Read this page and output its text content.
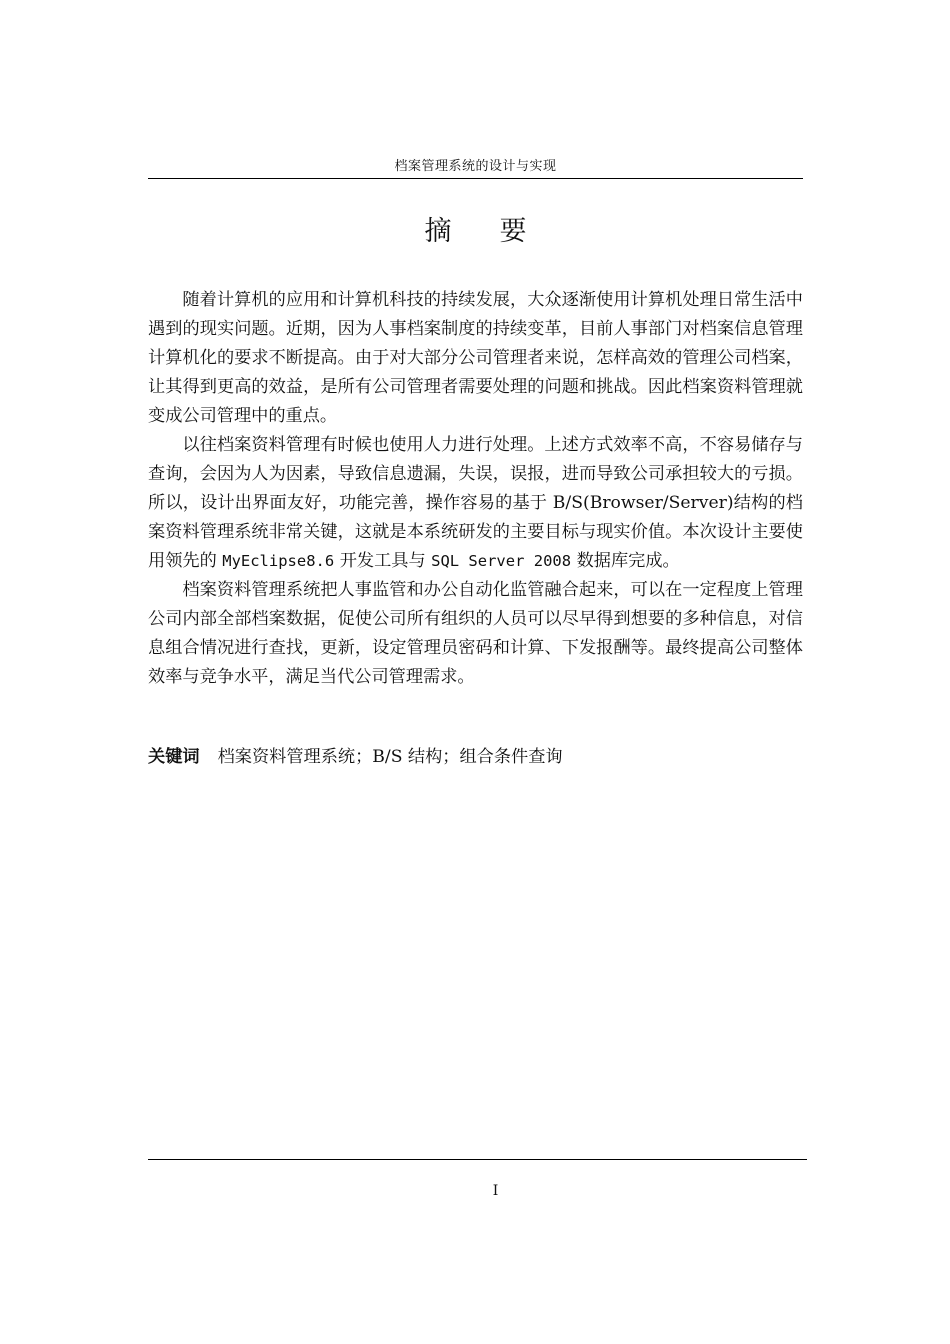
档案管理系统的设计与实现
摘要

随着计算机的应用和计算机科技的持续发展，大众逐渐使用计算机处理日常生活中遇到的现实问题。近期，因为人事档案制度的持续变革，目前人事部门对档案信息管理计算机化的要求不断提高。由于对大部分公司管理者来说，怎样高效的管理公司档案，让其得到更高的效益，是所有公司管理者需要处理的问题和挑战。因此档案资料管理就变成公司管理中的重点。

以往档案资料管理有时候也使用人力进行处理。上述方式效率不高，不容易储存与查询，会因为人为因素，导致信息遗漏，失误，误报，进而导致公司承担较大的亏损。所以，设计出界面友好，功能完善，操作容易的基于 B/S(Browser/Server)结构的档案资料管理系统非常关键，这就是本系统研发的主要目标与现实价值。本次设计主要使用领先的 MyEclipse8.6 开发工具与 SQL Server 2008 数据库完成。

档案资料管理系统把人事监管和办公自动化监管融合起来，可以在一定程度上管理公司内部全部档案数据，促使公司所有组织的人员可以尽早得到想要的多种信息，对信息组合情况进行查找，更新，设定管理员密码和计算、下发报酬等。最终提高公司整体效率与竞争水平，满足当代公司管理需求。

关键词 档案资料管理系统；B/S 结构；组合条件查询
I
